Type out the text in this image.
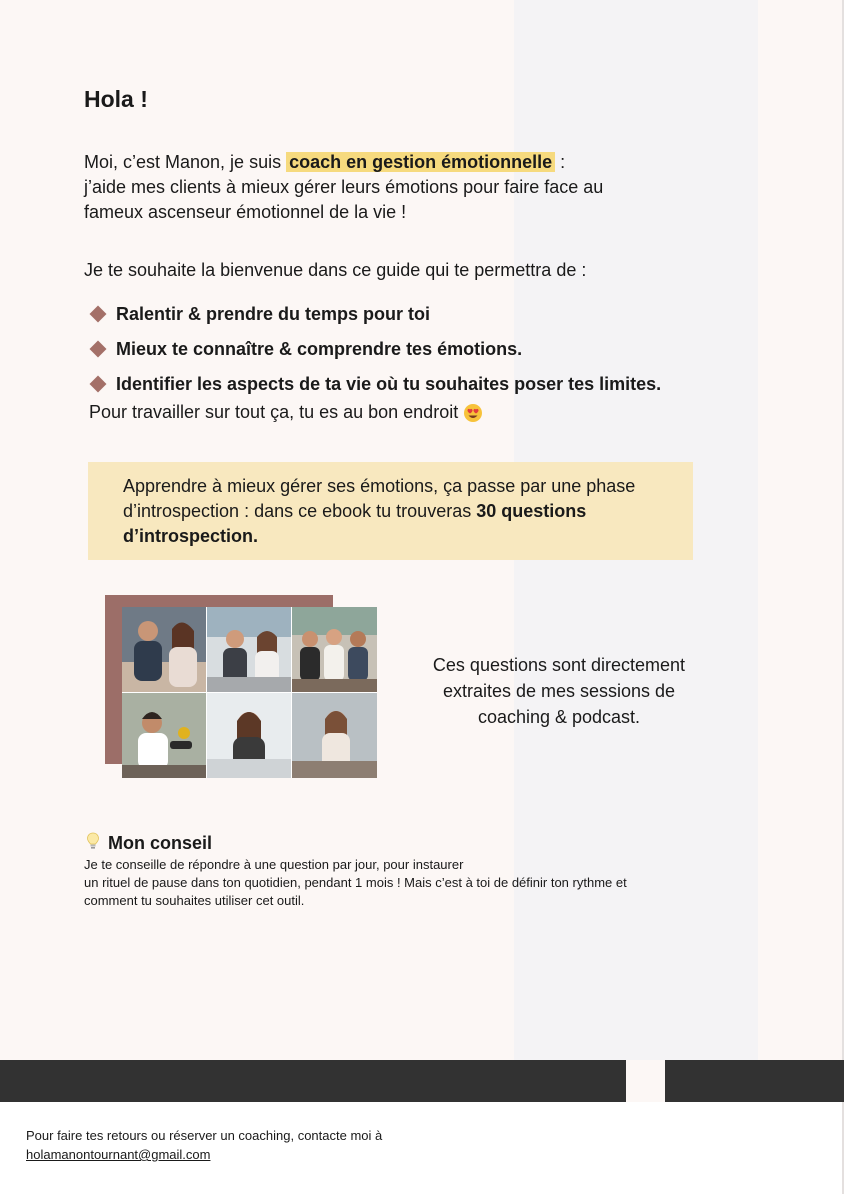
Hola !

Moi, c’est Manon, je suis coach en gestion émotionnelle :
j’aide mes clients à mieux gérer leurs émotions pour faire face au
fameux ascenseur émotionnel de la vie !

Je te souhaite la bienvenue dans ce guide qui te permettra de :

Ralentir & prendre du temps pour toi
Mieux te connaître & comprendre tes émotions.
Identifier les aspects de ta vie où tu souhaites poser tes limites.

Pour travailler sur tout ça, tu es au bon endroit

Apprendre à mieux gérer ses émotions, ça passe par une phase d’introspection : dans ce ebook tu trouveras 30 questions d’introspection.

Ces questions sont directement
extraites de mes sessions de
coaching & podcast.

Mon conseil

Je te conseille de répondre à une question par jour, pour instaurer
un rituel de pause dans ton quotidien, pendant 1 mois ! Mais c’est à toi de définir ton rythme et
comment tu souhaites utiliser cet outil.

Pour faire tes retours ou réserver un coaching, contacte moi à
holamanontournant@gmail.com
